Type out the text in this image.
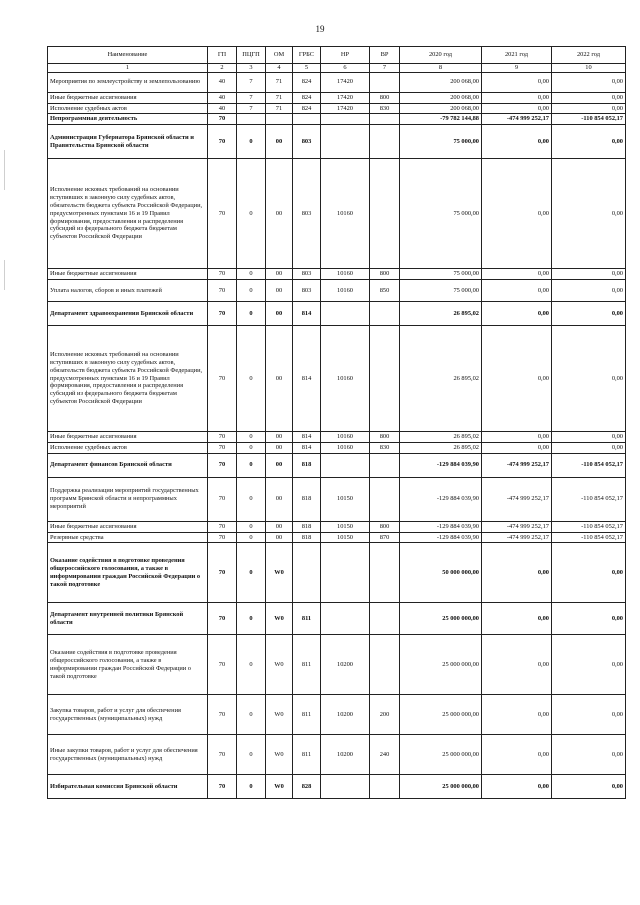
19
Наименование	ГП	ПЦГП	ОМ	ГРБС	НР	ВР	2020 год	2021 год	2022 год
1	2	3	4	5	6	7	8	9	10
Мероприятия по землеустройству и землепользованию	40	7	71	824	17420		200 068,00	0,00	0,00
Иные бюджетные ассигнования	40	7	71	824	17420	800	200 068,00	0,00	0,00
Исполнение судебных актов	40	7	71	824	17420	830	200 068,00	0,00	0,00
Непрограммная деятельность	70						-79 782 144,88	-474 999 252,17	-110 854 052,17
Администрация Губернатора Брянской области и Правительства Брянской области	70	0	00	803			75 000,00	0,00	0,00
Исполнение исковых требований на основании вступивших в законную силу судебных актов, обязательств бюджета субъекта Российской Федерации, предусмотренных пунктами 16 и 19 Правил формирования, предоставления и распределения субсидий из федерального бюджета бюджетам субъектов Российской Федерации	70	0	00	803	10160		75 000,00	0,00	0,00
Иные бюджетные ассигнования	70	0	00	803	10160	800	75 000,00	0,00	0,00
Уплата налогов, сборов и иных платежей	70	0	00	803	10160	850	75 000,00	0,00	0,00
Департамент здравоохранения Брянской области	70	0	00	814			26 895,02	0,00	0,00
Исполнение исковых требований на основании вступивших в законную силу судебных актов, обязательств бюджета субъекта Российской Федерации, предусмотренных пунктами 16 и 19 Правил формирования, предоставления и распределения субсидий из федерального бюджета бюджетам субъектов Российской Федерации	70	0	00	814	10160		26 895,02	0,00	0,00
Иные бюджетные ассигнования	70	0	00	814	10160	800	26 895,02	0,00	0,00
Исполнение судебных актов	70	0	00	814	10160	830	26 895,02	0,00	0,00
Департамент финансов Брянской области	70	0	00	818			-129 884 039,90	-474 999 252,17	-110 854 052,17
Поддержка реализации мероприятий государственных программ Брянской области и непрограммных мероприятий	70	0	00	818	10150		-129 884 039,90	-474 999 252,17	-110 854 052,17
Иные бюджетные ассигнования	70	0	00	818	10150	800	-129 884 039,90	-474 999 252,17	-110 854 052,17
Резервные средства	70	0	00	818	10150	870	-129 884 039,90	-474 999 252,17	-110 854 052,17
Оказание содействия в подготовке проведения общероссийского голосования, а также в информировании граждан Российской Федерации о такой подготовке	70	0	W0				50 000 000,00	0,00	0,00
Департамент внутренней политики Брянской области	70	0	W0	811			25 000 000,00	0,00	0,00
Оказание содействия в подготовке проведения общероссийского голосования, а также в информировании граждан Российской Федерации о такой подготовке	70	0	W0	811	10200		25 000 000,00	0,00	0,00
Закупка товаров, работ и услуг для обеспечения государственных (муниципальных) нужд	70	0	W0	811	10200	200	25 000 000,00	0,00	0,00
Иные закупки товаров, работ и услуг для обеспечения государственных (муниципальных) нужд	70	0	W0	811	10200	240	25 000 000,00	0,00	0,00
Избирательная комиссия Брянской области	70	0	W0	828			25 000 000,00	0,00	0,00
